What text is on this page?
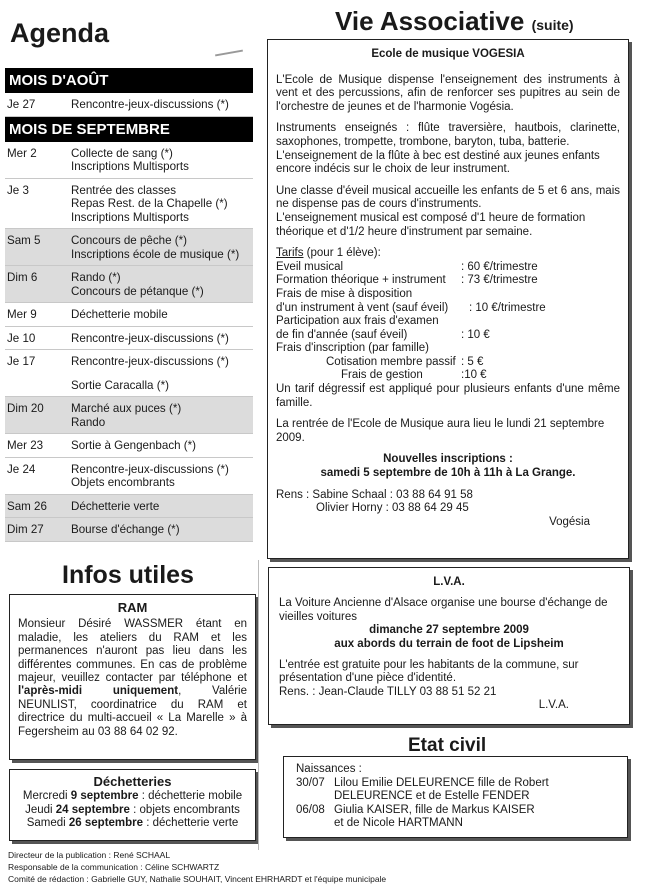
Agenda
MOIS D'AOÛT
Je 27	Rencontre-jeux-discussions (*)
MOIS DE SEPTEMBRE
Mer 2	Collecte de sang (*)
Inscriptions Multisports
Je 3	Rentrée des classes
Repas Rest. de la Chapelle (*)
Inscriptions Multisports
Sam 5	Concours de pêche (*)
Inscriptions école de musique (*)
Dim 6	Rando (*)
Concours de pétanque (*)
Mer 9	Déchetterie mobile
Je 10	Rencontre-jeux-discussions (*)
Je 17	Rencontre-jeux-discussions (*)
Sortie Caracalla (*)
Dim 20	Marché aux puces (*)
Rando
Mer 23	Sortie à Gengenbach (*)
Je 24	Rencontre-jeux-discussions (*)
Objets encombrants
Sam 26	Déchetterie verte
Dim 27	Bourse d'échange (*)
Vie Associative (suite)

Ecole de musique VOGESIA

L'Ecole de Musique dispense l'enseignement des instruments à vent et des percussions, afin de renforcer ses pupitres au sein de l'orchestre de jeunes et de l'harmonie Vogésia.

Instruments enseignés : flûte traversière, hautbois, clarinette, saxophones, trompette, trombone, baryton, tuba, batterie.

L'enseignement de la flûte à bec est destiné aux jeunes enfants encore indécis sur le choix de leur instrument.

Une classe d'éveil musical accueille les enfants de 5 et 6 ans, mais ne dispense pas de cours d'instruments.

L'enseignement musical est composé d'1 heure de formation théorique et d'1/2 heure d'instrument par semaine.

Tarifs (pour 1 élève):
Eveil musical	: 60 €/trimestre
Formation théorique + instrument	: 73 €/trimestre
Frais de mise à disposition
d'un instrument à vent (sauf éveil)	: 10 €/trimestre
Participation aux frais d'examen
de fin d'année (sauf éveil)	: 10 €
Frais d'inscription (par famille)
Cotisation membre passif : 5 €
Frais de gestion	:10 €
Un tarif dégressif est appliqué pour plusieurs enfants d'une même famille.

La rentrée de l'Ecole de Musique aura lieu le lundi 21 septembre 2009.

Nouvelles inscriptions :
samedi 5 septembre de 10h à 11h à La Grange.
Rens : Sabine Schaal : 03 88 64 91 58
Olivier Horny : 03 88 64 29 45
Vogésia
Infos utiles
RAM
Monsieur Désiré WASSMER étant en maladie, les ateliers du RAM et les permanences n'auront pas lieu dans les différentes communes. En cas de problème majeur, veuillez contacter par téléphone et l'après-midi uniquement, Valérie NEUNLIST, coordinatrice du RAM et directrice du multi-accueil « La Marelle » à Fegersheim au 03 88 64 02 92.
Déchetteries
Mercredi 9 septembre : déchetterie mobile
Jeudi 24 septembre : objets encombrants
Samedi 26 septembre : déchetterie verte
L.V.A.
La Voiture Ancienne d'Alsace organise une bourse d'échange de vieilles voitures
dimanche 27 septembre 2009
aux abords du terrain de foot de Lipsheim
L'entrée est gratuite pour les habitants de la commune, sur présentation d'une pièce d'identité.
Rens. : Jean-Claude TILLY 03 88 51 52 21
L.V.A.
Etat civil
Naissances :
30/07 Lilou Emilie DELEURENCE fille de Robert
DELEURENCE et de Estelle FENDER
06/08 Giulia KAISER, fille de Markus KAISER
et de Nicole HARTMANN
Directeur de la publication : René SCHAAL
Responsable de la communication : Céline SCHWARTZ
Comité de rédaction : Gabrielle GUY, Nathalie SOUHAIT, Vincent EHRHARDT et l'équipe municipale
